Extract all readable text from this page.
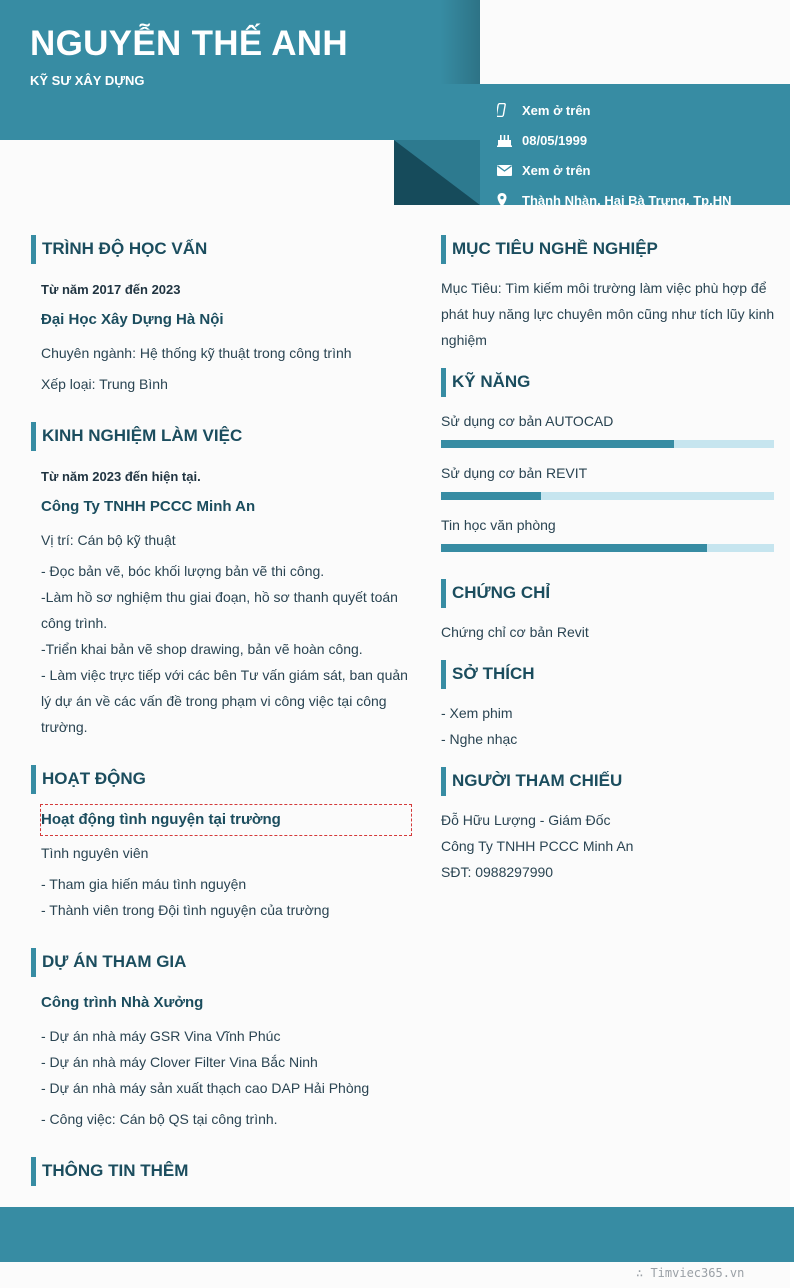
NGUYỄN THẾ ANH
KỸ SƯ XÂY DỰNG
Xem ở trên
08/05/1999
Xem ở trên
Thành Nhàn, Hai Bà Trưng, Tp.HN
TRÌNH ĐỘ HỌC VẤN
Từ năm 2017 đến 2023
Đại Học Xây Dựng Hà Nội
Chuyên ngành: Hệ thống kỹ thuật trong công trình
Xếp loại: Trung Bình
KINH NGHIỆM LÀM VIỆC
Từ năm 2023 đến hiện tại.
Công Ty TNHH PCCC Minh An
Vị trí: Cán bộ kỹ thuật
- Đọc bản vẽ, bóc khối lượng bản vẽ thi công.
-Làm hồ sơ nghiệm thu giai đoạn, hồ sơ thanh quyết toán
công trình.
-Triển khai bản vẽ shop drawing, bản vẽ hoàn công.
- Làm việc trực tiếp với các bên Tư vấn giám sát, ban quản
lý dự án về các vấn đề trong phạm vi công việc tại công
trường.
HOẠT ĐỘNG
Hoạt động tình nguyện tại trường
Tình nguyên viên
- Tham gia hiến máu tình nguyện
- Thành viên trong Đội tình nguyện của trường
DỰ ÁN THAM GIA
Công trình Nhà Xưởng
- Dự án nhà máy GSR Vina Vĩnh Phúc
- Dự án nhà máy Clover Filter Vina Bắc Ninh
- Dự án nhà máy sản xuất thạch cao DAP Hải Phòng
- Công việc: Cán bộ QS tại công trình.
THÔNG TIN THÊM
MỤC TIÊU NGHỀ NGHIỆP
Mục Tiêu: Tìm kiếm môi trường làm việc phù hợp để
phát huy năng lực chuyên môn cũng như tích lũy kinh
nghiệm
KỸ NĂNG
Sử dụng cơ bản AUTOCAD
Sử dụng cơ bản REVIT
Tin học văn phòng
CHỨNG CHỈ
Chứng chỉ cơ bản Revit
SỞ THÍCH
- Xem phim
- Nghe nhạc
NGƯỜI THAM CHIẾU
Đỗ Hữu Lượng - Giám Đốc
Công Ty TNHH PCCC Minh An
SĐT: 0988297990
∴ Timviec365.vn
